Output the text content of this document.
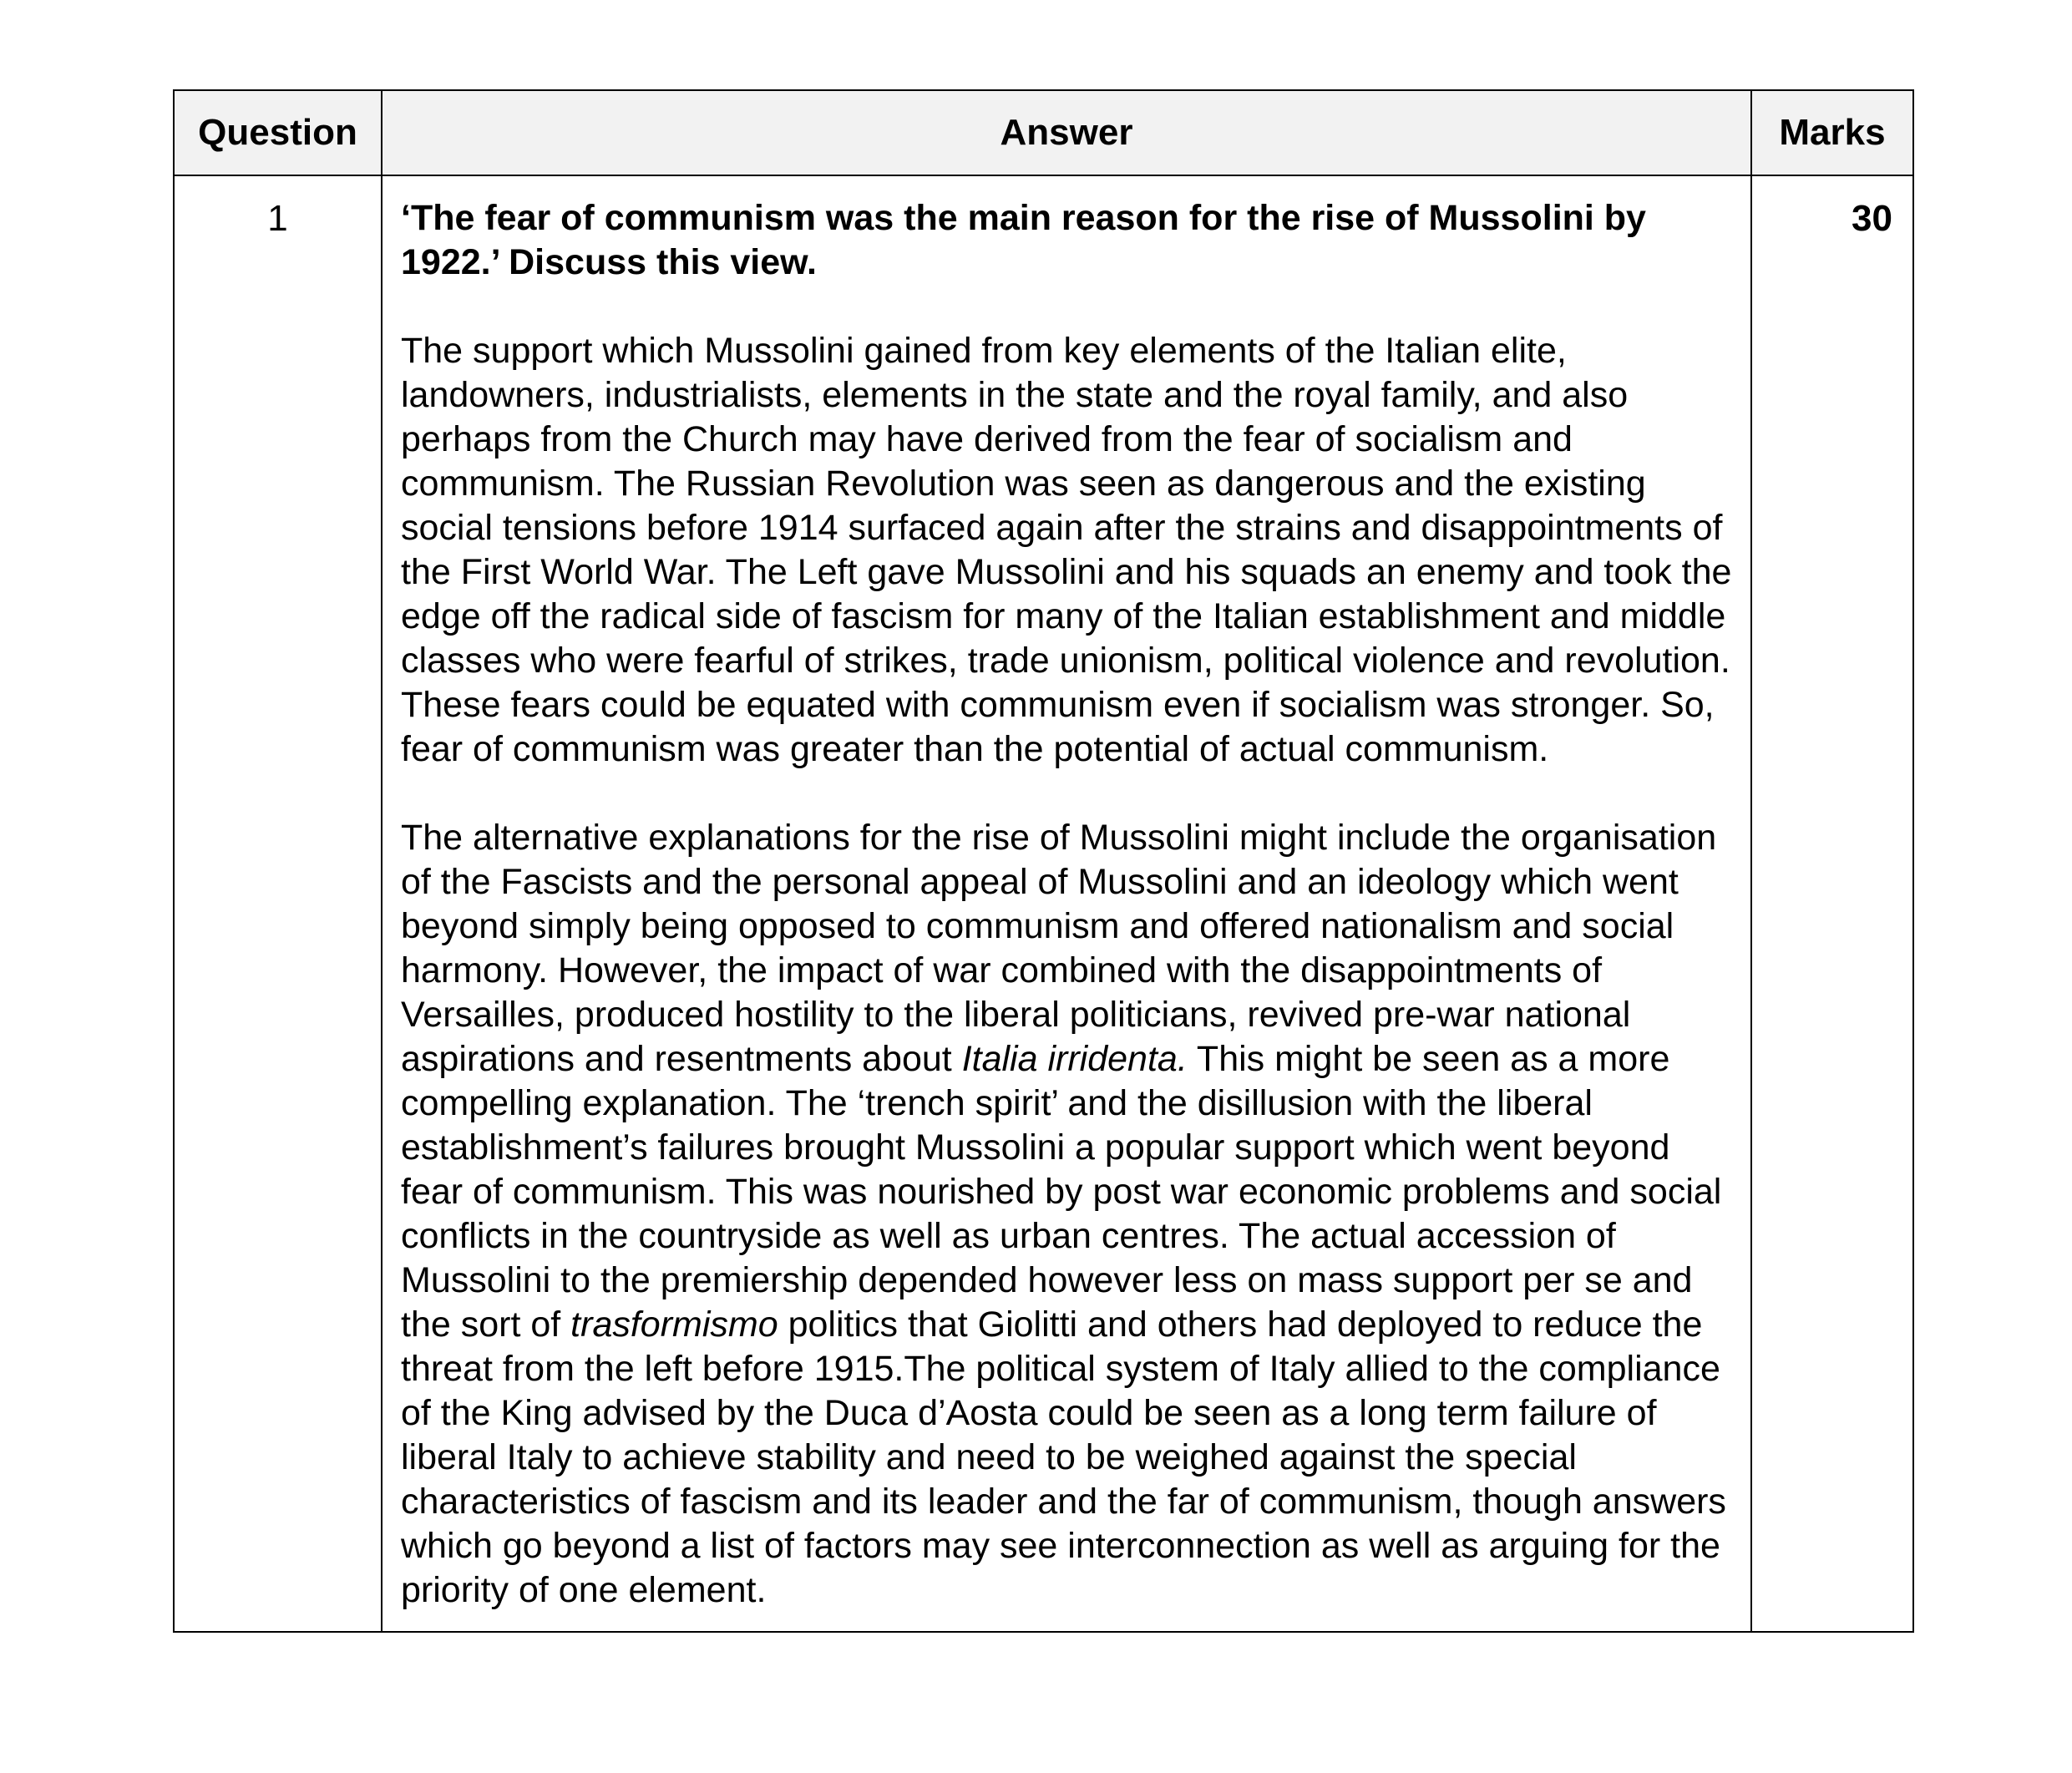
Question	Answer	Marks
1	‘The fear of communism was the main reason for the rise of Mussolini by 1922.’ Discuss this view.

The support which Mussolini gained from key elements of the Italian elite, landowners, industrialists, elements in the state and the royal family, and also perhaps from the Church may have derived from the fear of socialism and communism. The Russian Revolution was seen as dangerous and the existing social tensions before 1914 surfaced again after the strains and disappointments of the First World War. The Left gave Mussolini and his squads an enemy and took the edge off the radical side of fascism for many of the Italian establishment and middle classes who were fearful of strikes, trade unionism, political violence and revolution. These fears could be equated with communism even if socialism was stronger. So, fear of communism was greater than the potential of actual communism.

The alternative explanations for the rise of Mussolini might include the organisation of the Fascists and the personal appeal of Mussolini and an ideology which went beyond simply being opposed to communism and offered nationalism and social harmony. However, the impact of war combined with the disappointments of Versailles, produced hostility to the liberal politicians, revived pre-war national aspirations and resentments about Italia irridenta. This might be seen as a more compelling explanation. The ‘trench spirit’ and the disillusion with the liberal establishment’s failures brought Mussolini a popular support which went beyond fear of communism. This was nourished by post war economic problems and social conflicts in the countryside as well as urban centres. The actual accession of Mussolini to the premiership depended however less on mass support per se and the sort of trasformismo politics that Giolitti and others had deployed to reduce the threat from the left before 1915.The political system of Italy allied to the compliance of the King advised by the Duca d’Aosta could be seen as a long term failure of liberal Italy to achieve stability and need to be weighed against the special characteristics of fascism and its leader and the far of communism, though answers which go beyond a list of factors may see interconnection as well as arguing for the priority of one element.	30
